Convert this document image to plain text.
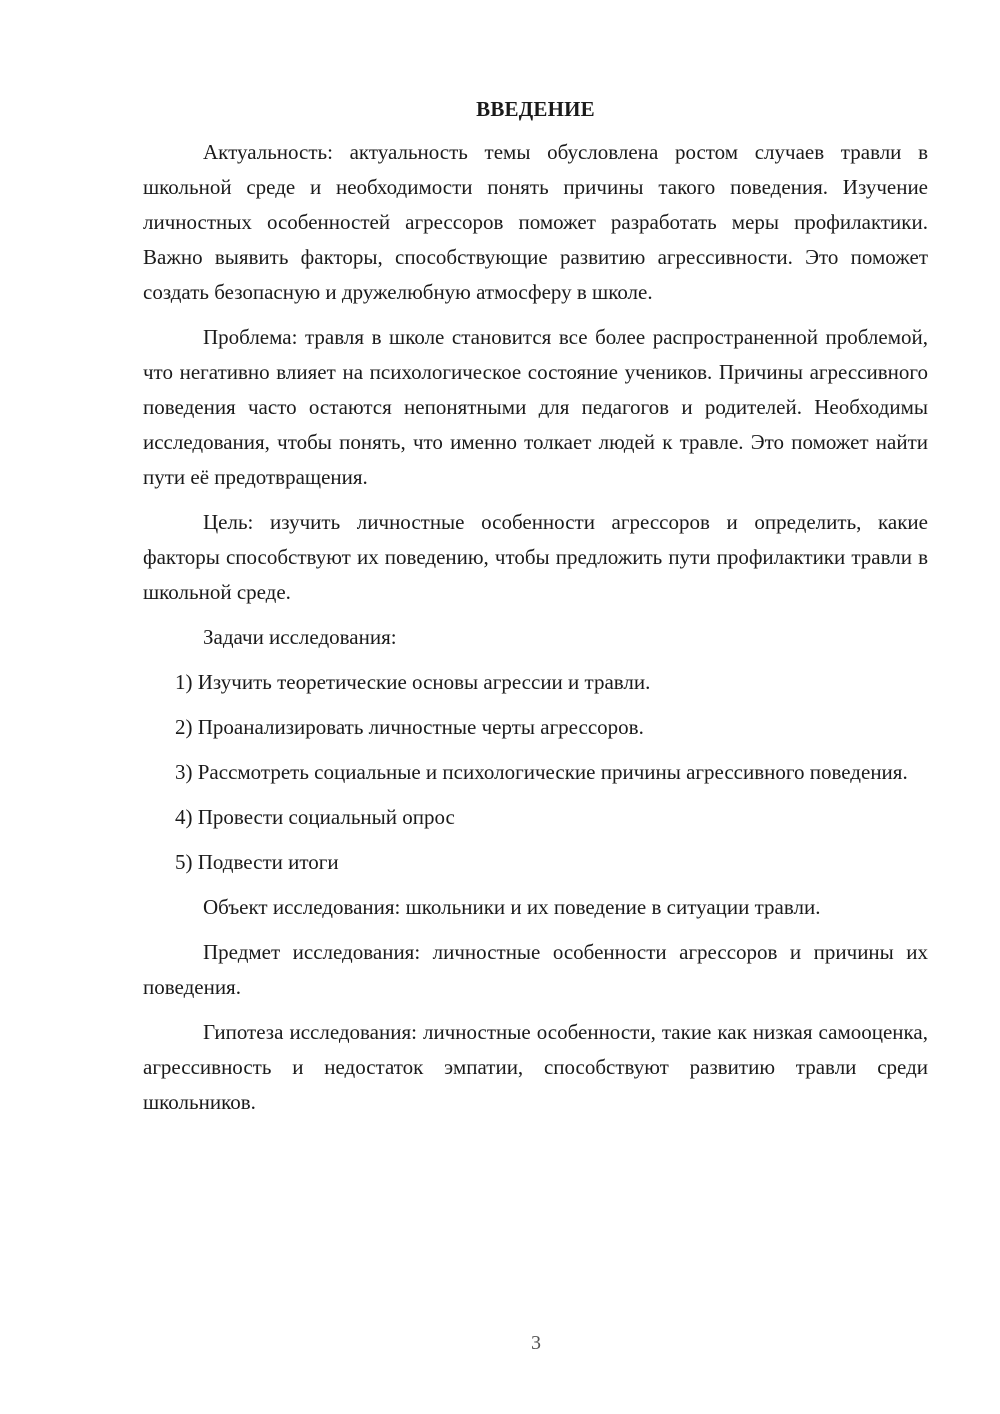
ВВЕДЕНИЕ

Актуальность: актуальность темы обусловлена ростом случаев травли в школьной среде и необходимости понять причины такого поведения. Изучение личностных особенностей агрессоров поможет разработать меры профилактики. Важно выявить факторы, способствующие развитию агрессивности. Это поможет создать безопасную и дружелюбную атмосферу в школе.

Проблема: травля в школе становится все более распространенной проблемой, что негативно влияет на психологическое состояние учеников. Причины агрессивного поведения часто остаются непонятными для педагогов и родителей. Необходимы исследования, чтобы понять, что именно толкает людей к травле. Это поможет найти пути её предотвращения.

Цель: изучить личностные особенности агрессоров и определить, какие факторы способствуют их поведению, чтобы предложить пути профилактики травли в школьной среде.

Задачи исследования:

1) Изучить теоретические основы агрессии и травли.
2) Проанализировать личностные черты агрессоров.
3) Рассмотреть социальные и психологические причины агрессивного поведения.
4) Провести социальный опрос
5) Подвести итоги

Объект исследования: школьники и их поведение в ситуации травли.

Предмет исследования: личностные особенности агрессоров и причины их поведения.

Гипотеза исследования: личностные особенности, такие как низкая самооценка, агрессивность и недостаток эмпатии, способствуют развитию травли среди школьников.

3
